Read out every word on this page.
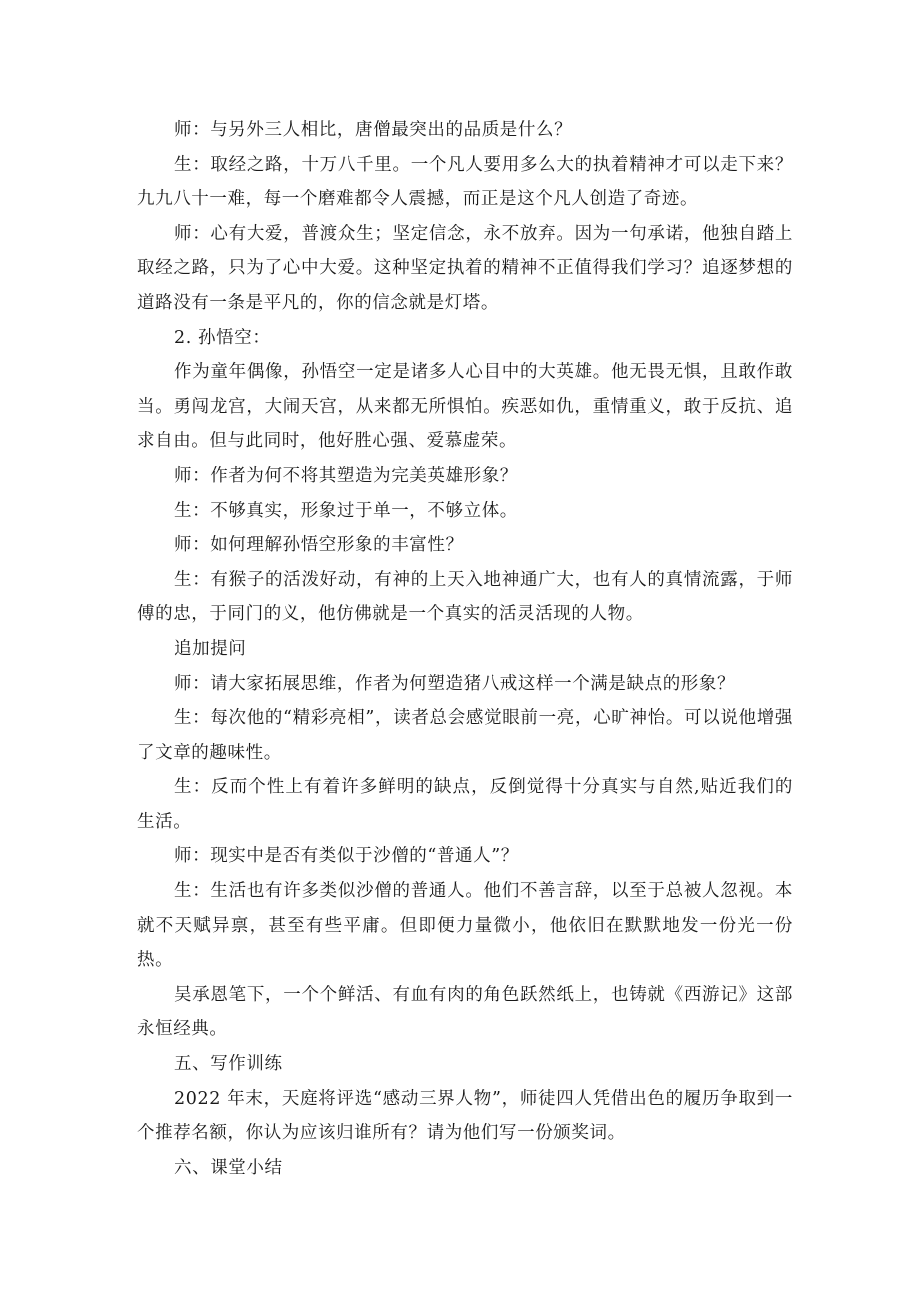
师：与另外三人相比，唐僧最突出的品质是什么？

生：取经之路，十万八千里。一个凡人要用多么大的执着精神才可以走下来？九九八十一难，每一个磨难都令人震撼，而正是这个凡人创造了奇迹。

师：心有大爱，普渡众生；坚定信念，永不放弃。因为一句承诺，他独自踏上取经之路，只为了心中大爱。这种坚定执着的精神不正值得我们学习？追逐梦想的道路没有一条是平凡的，你的信念就是灯塔。

2. 孙悟空：

作为童年偶像，孙悟空一定是诸多人心目中的大英雄。他无畏无惧，且敢作敢当。勇闯龙宫，大闹天宫，从来都无所惧怕。疾恶如仇，重情重义，敢于反抗、追求自由。但与此同时，他好胜心强、爱慕虚荣。

师：作者为何不将其塑造为完美英雄形象？

生：不够真实，形象过于单一，不够立体。

师：如何理解孙悟空形象的丰富性？

生：有猴子的活泼好动，有神的上天入地神通广大，也有人的真情流露，于师傅的忠，于同门的义，他仿佛就是一个真实的活灵活现的人物。

追加提问

师：请大家拓展思维，作者为何塑造猪八戒这样一个满是缺点的形象？

生：每次他的“精彩亮相”，读者总会感觉眼前一亮，心旷神怡。可以说他增强了文章的趣味性。

生：反而个性上有着许多鲜明的缺点，反倒觉得十分真实与自然,贴近我们的生活。

师：现实中是否有类似于沙僧的“普通人”？

生：生活也有许多类似沙僧的普通人。他们不善言辞，以至于总被人忽视。本就不天赋异禀，甚至有些平庸。但即便力量微小，他依旧在默默地发一份光一份热。

吴承恩笔下，一个个鲜活、有血有肉的角色跃然纸上，也铸就《西游记》这部永恒经典。

五、写作训练

2022 年末，天庭将评选“感动三界人物”，师徒四人凭借出色的履历争取到一个推荐名额，你认为应该归谁所有？请为他们写一份颁奖词。

六、课堂小结
